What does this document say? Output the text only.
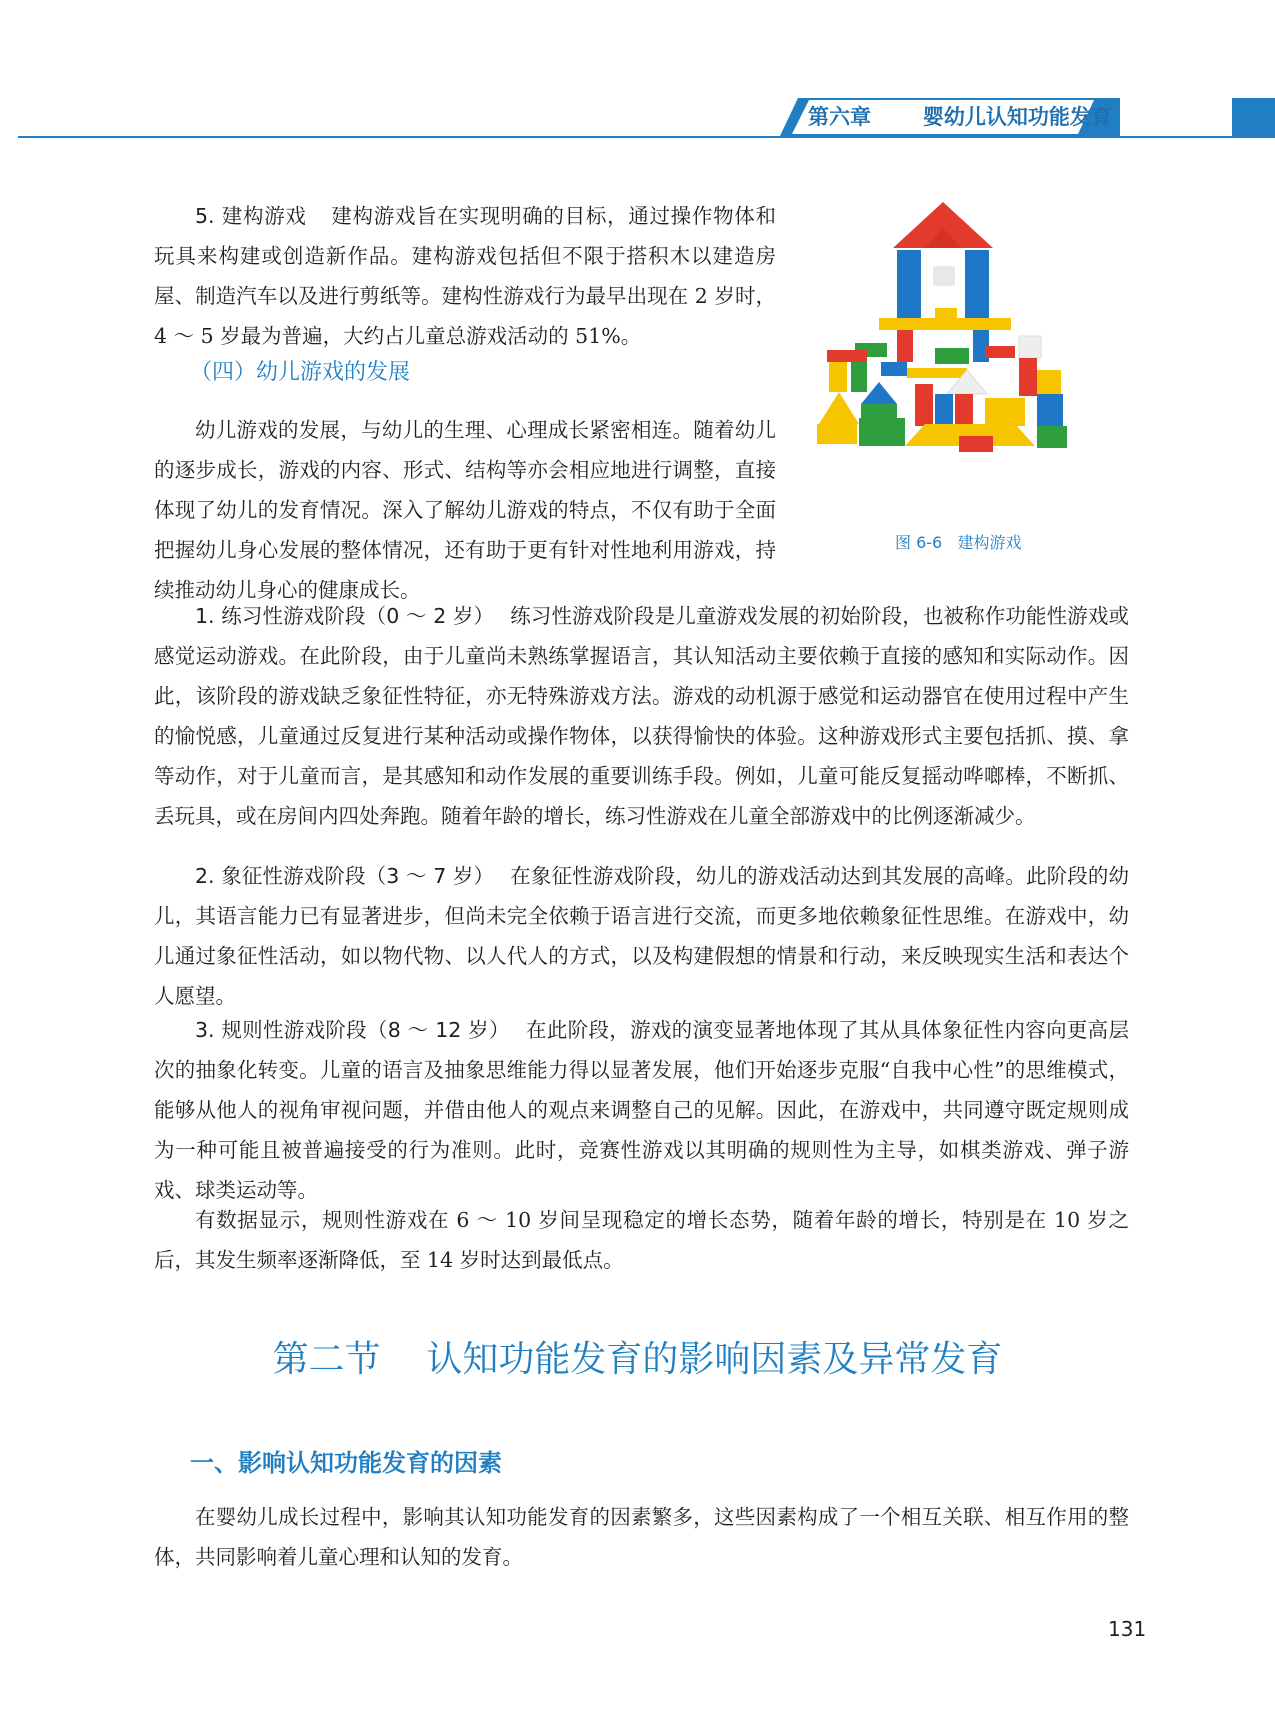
第六章   婴幼儿认知功能发育

5. 建构游戏 建构游戏旨在实现明确的目标，通过操作物体和玩具来构建或创造新作品。建构游戏包括但不限于搭积木以建造房屋、制造汽车以及进行剪纸等。建构性游戏行为最早出现在 2 岁时，4 ～ 5 岁最为普遍，大约占儿童总游戏活动的 51%。

（四）幼儿游戏的发展

幼儿游戏的发展，与幼儿的生理、心理成长紧密相连。随着幼儿的逐步成长，游戏的内容、形式、结构等亦会相应地进行调整，直接体现了幼儿的发育情况。深入了解幼儿游戏的特点，不仅有助于全面把握幼儿身心发展的整体情况，还有助于更有针对性地利用游戏，持续推动幼儿身心的健康成长。

图 6-6   建构游戏

1. 练习性游戏阶段（0 ～ 2 岁） 练习性游戏阶段是儿童游戏发展的初始阶段，也被称作功能性游戏或感觉运动游戏。在此阶段，由于儿童尚未熟练掌握语言，其认知活动主要依赖于直接的感知和实际动作。因此，该阶段的游戏缺乏象征性特征，亦无特殊游戏方法。游戏的动机源于感觉和运动器官在使用过程中产生的愉悦感，儿童通过反复进行某种活动或操作物体，以获得愉快的体验。这种游戏形式主要包括抓、摸、拿等动作，对于儿童而言，是其感知和动作发展的重要训练手段。例如，儿童可能反复摇动哗啷棒，不断抓、丢玩具，或在房间内四处奔跑。随着年龄的增长，练习性游戏在儿童全部游戏中的比例逐渐减少。

2. 象征性游戏阶段（3 ～ 7 岁） 在象征性游戏阶段，幼儿的游戏活动达到其发展的高峰。此阶段的幼儿，其语言能力已有显著进步，但尚未完全依赖于语言进行交流，而更多地依赖象征性思维。在游戏中，幼儿通过象征性活动，如以物代物、以人代人的方式，以及构建假想的情景和行动，来反映现实生活和表达个人愿望。

3. 规则性游戏阶段（8 ～ 12 岁） 在此阶段，游戏的演变显著地体现了其从具体象征性内容向更高层次的抽象化转变。儿童的语言及抽象思维能力得以显著发展，他们开始逐步克服“自我中心性”的思维模式，能够从他人的视角审视问题，并借由他人的观点来调整自己的见解。因此，在游戏中，共同遵守既定规则成为一种可能且被普遍接受的行为准则。此时，竞赛性游戏以其明确的规则性为主导，如棋类游戏、弹子游戏、球类运动等。

有数据显示，规则性游戏在 6 ～ 10 岁间呈现稳定的增长态势，随着年龄的增长，特别是在 10 岁之后，其发生频率逐渐降低，至 14 岁时达到最低点。

第二节    认知功能发育的影响因素及异常发育
一、影响认知功能发育的因素

在婴幼儿成长过程中，影响其认知功能发育的因素繁多，这些因素构成了一个相互关联、相互作用的整体，共同影响着儿童心理和认知的发育。

131
